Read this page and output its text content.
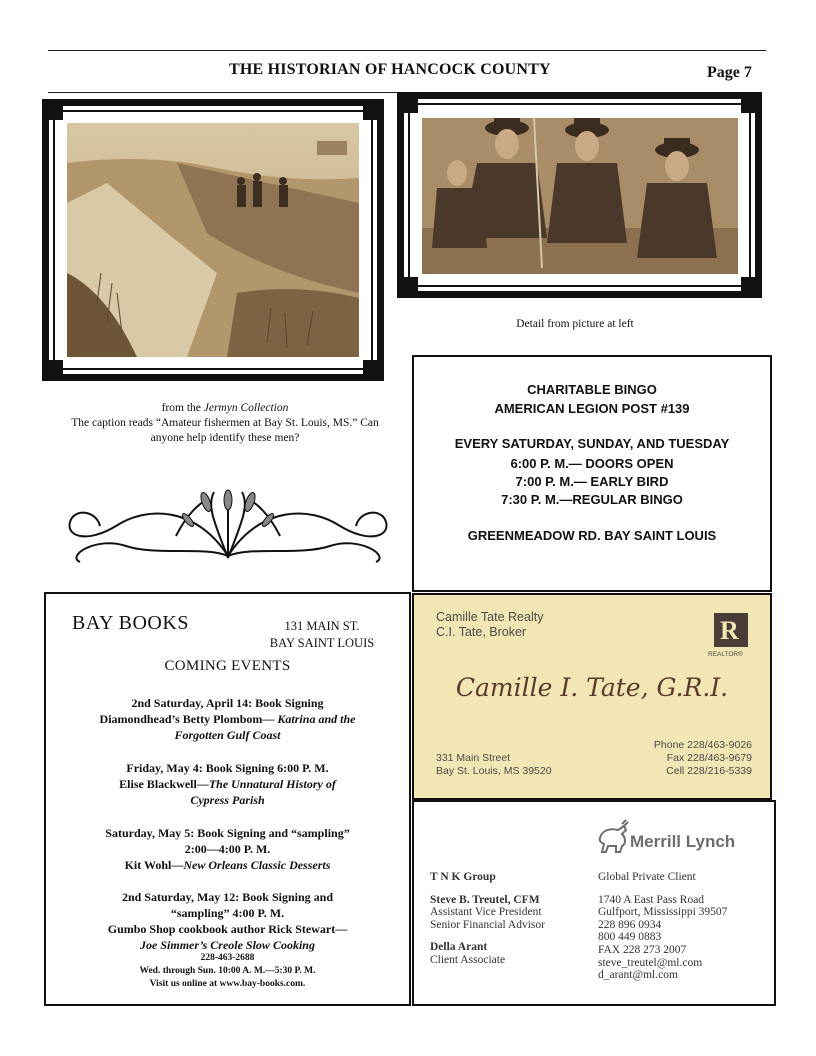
THE HISTORIAN OF HANCOCK COUNTY	Page 7
Detail from picture at left
from the Jermyn Collection
The caption reads “Amateur fishermen at Bay St. Louis, MS.” Can anyone help identify these men?
CHARITABLE BINGO
AMERICAN LEGION POST #139
EVERY SATURDAY, SUNDAY, AND TUESDAY
6:00 P. M.— DOORS OPEN
7:00 P. M.— EARLY BIRD
7:30 P. M.—REGULAR BINGO
GREENMEADOW RD. BAY SAINT LOUIS
BAY BOOKS	131 MAIN ST.
BAY SAINT LOUIS
COMING EVENTS
2nd Saturday, April 14: Book Signing
Diamondhead’s Betty Plombom— Katrina and the
Forgotten Gulf Coast
Friday, May 4: Book Signing 6:00 P. M.
Elise Blackwell—The Unnatural History of
Cypress Parish
Saturday, May 5: Book Signing and “sampling”
2:00—4:00 P. M.
Kit Wohl—New Orleans Classic Desserts
2nd Saturday, May 12: Book Signing and
“sampling” 4:00 P. M.
Gumbo Shop cookbook author Rick Stewart—
Joe Simmer’s Creole Slow Cooking
228-463-2688
Wed. through Sun. 10:00 A. M.—5:30 P. M.
Visit us online at www.bay-books.com.
Camille Tate Realty
C.I. Tate, Broker	R
REALTOR®
Camille I. Tate, G.R.I.
331 Main Street
Bay St. Louis, MS 39520
Phone 228/463-9026
Fax 228/463-9679
Cell 228/216-5339
Merrill Lynch
T N K Group
Steve B. Treutel, CFM
Assistant Vice President
Senior Financial Advisor
Della Arant
Client Associate
Global Private Client
1740 A East Pass Road
Gulfport, Mississippi 39507
228 896 0934
800 449 0883
FAX 228 273 2007
steve_treutel@ml.com
d_arant@ml.com
